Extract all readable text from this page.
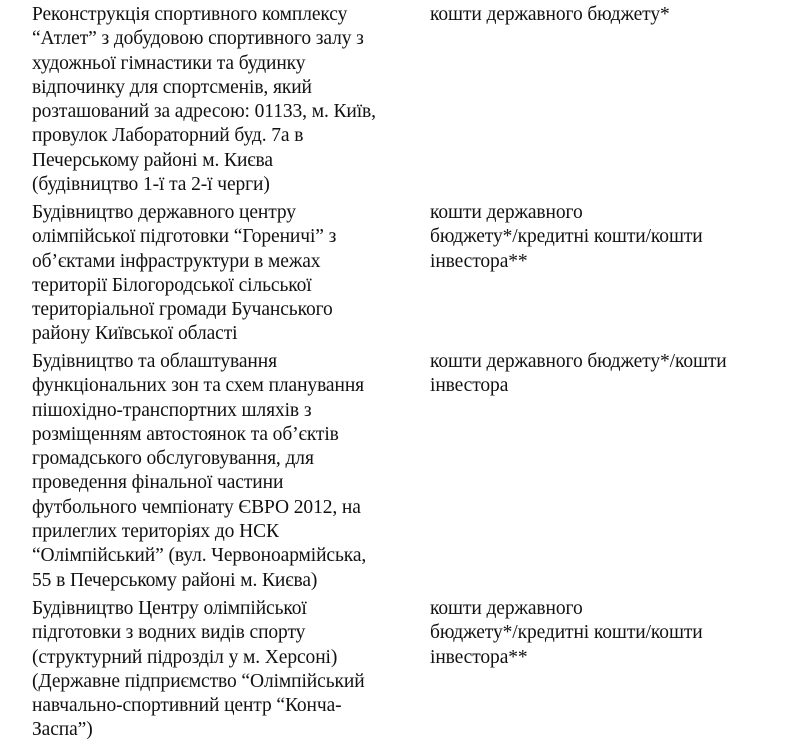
Реконструкція спортивного комплексу
“Атлет” з добудовою спортивного залу з
художньої гімнастики та будинку
відпочинку для спортсменів, який
розташований за адресою: 01133, м. Київ,
провулок Лабораторний буд. 7а в
Печерському районі м. Києва
(будівництво 1-ї та 2-ї черги)
кошти державного бюджету*
Будівництво державного центру
олімпійської підготовки “Гореничі” з
об’єктами інфраструктури в межах
території Білогородської сільської
територіальної громади Бучанського
району Київської області
кошти державного
бюджету*/кредитні кошти/кошти
інвестора**
Будівництво та облаштування
функціональних зон та схем планування
пішохідно-транспортних шляхів з
розміщенням автостоянок та об’єктів
громадського обслуговування, для
проведення фінальної частини
футбольного чемпіонату ЄВРО 2012, на
прилеглих територіях до НСК
“Олімпійський” (вул. Червоноармійська,
55 в Печерському районі м. Києва)
кошти державного бюджету*/кошти
інвестора
Будівництво Центру олімпійської
підготовки з водних видів спорту
(структурний підрозділ у м. Херсоні)
(Державне підприємство “Олімпійський
навчально-спортивний центр “Конча-
Заспа”)
кошти державного
бюджету*/кредитні кошти/кошти
інвестора**
